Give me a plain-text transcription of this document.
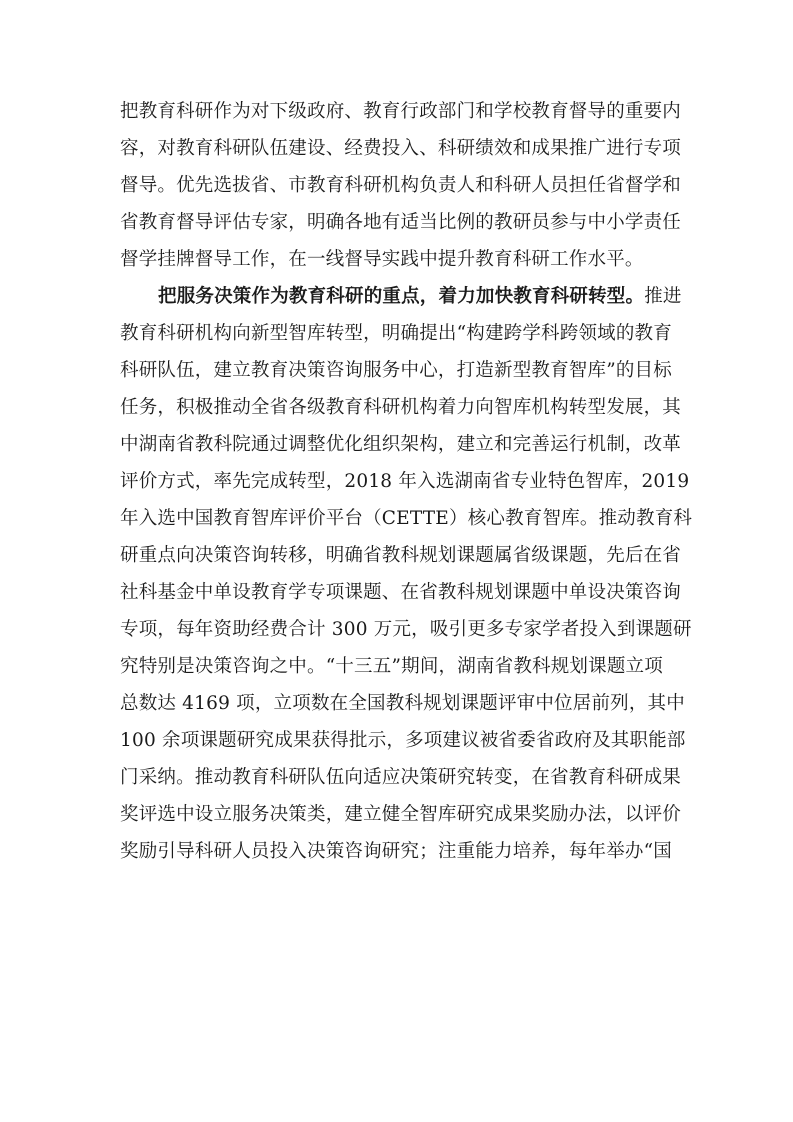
把教育科研作为对下级政府、教育行政部门和学校教育督导的重要内
容，对教育科研队伍建设、经费投入、科研绩效和成果推广进行专项
督导。优先选拔省、市教育科研机构负责人和科研人员担任省督学和
省教育督导评估专家，明确各地有适当比例的教研员参与中小学责任
督学挂牌督导工作，在一线督导实践中提升教育科研工作水平。
把服务决策作为教育科研的重点，着力加快教育科研转型。推进
教育科研机构向新型智库转型，明确提出“构建跨学科跨领域的教育
科研队伍，建立教育决策咨询服务中心，打造新型教育智库”的目标
任务，积极推动全省各级教育科研机构着力向智库机构转型发展，其
中湖南省教科院通过调整优化组织架构，建立和完善运行机制，改革
评价方式，率先完成转型，2018 年入选湖南省专业特色智库，2019
年入选中国教育智库评价平台（CETTE）核心教育智库。推动教育科
研重点向决策咨询转移，明确省教科规划课题属省级课题，先后在省
社科基金中单设教育学专项课题、在省教科规划课题中单设决策咨询
专项，每年资助经费合计 300 万元，吸引更多专家学者投入到课题研
究特别是决策咨询之中。“十三五”期间，湖南省教科规划课题立项
总数达 4169 项，立项数在全国教科规划课题评审中位居前列，其中
100 余项课题研究成果获得批示，多项建议被省委省政府及其职能部
门采纳。推动教育科研队伍向适应决策研究转变，在省教育科研成果
奖评选中设立服务决策类，建立健全智库研究成果奖励办法，以评价
奖励引导科研人员投入决策咨询研究；注重能力培养，每年举办“国
